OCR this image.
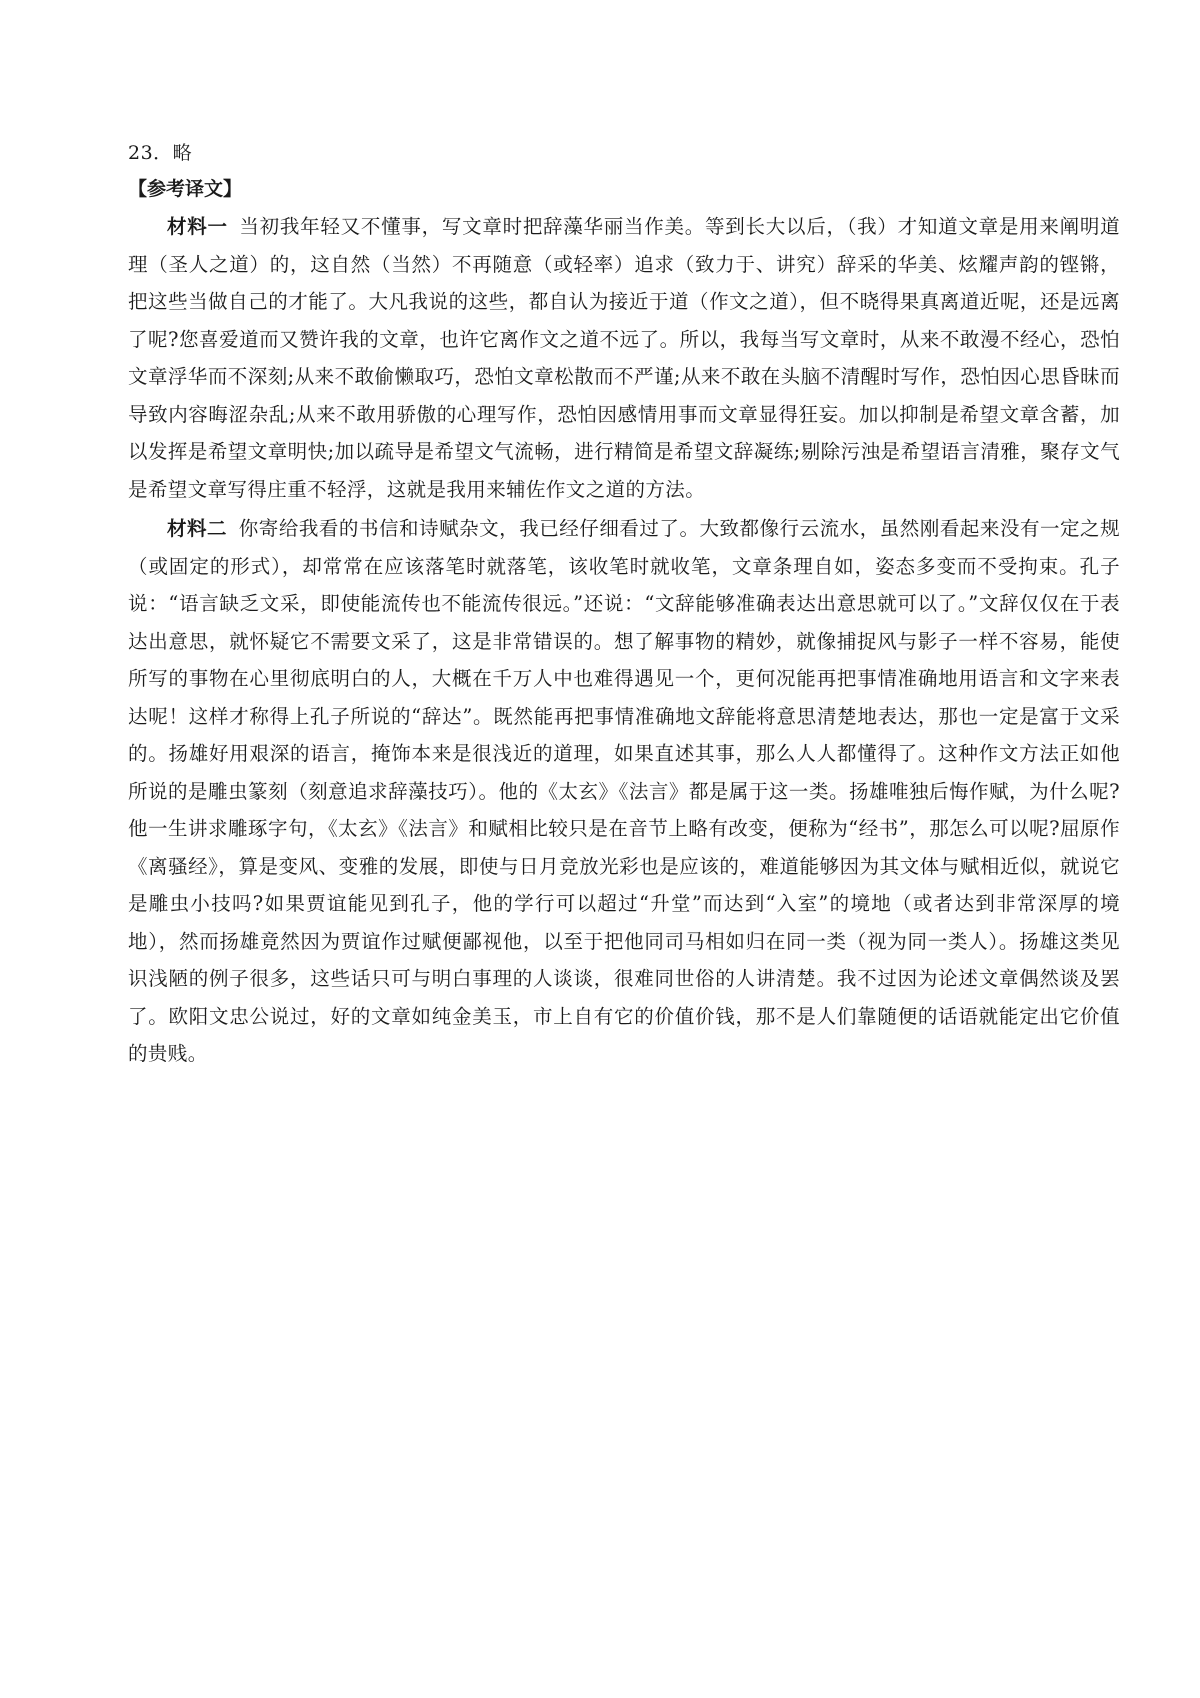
23．略
【参考译文】

材料一 当初我年轻又不懂事，写文章时把辞藻华丽当作美。等到长大以后，（我）才知道文章是用来阐明道理（圣人之道）的，这自然（当然）不再随意（或轻率）追求（致力于、讲究）辞采的华美、炫耀声韵的铿锵，把这些当做自己的才能了。大凡我说的这些，都自认为接近于道（作文之道），但不晓得果真离道近呢，还是远离了呢?您喜爱道而又赞许我的文章，也许它离作文之道不远了。所以，我每当写文章时，从来不敢漫不经心，恐怕文章浮华而不深刻;从来不敢偷懒取巧，恐怕文章松散而不严谨;从来不敢在头脑不清醒时写作，恐怕因心思昏昧而导致内容晦涩杂乱;从来不敢用骄傲的心理写作，恐怕因感情用事而文章显得狂妄。加以抑制是希望文章含蓄，加以发挥是希望文章明快;加以疏导是希望文气流畅，进行精简是希望文辞凝练;剔除污浊是希望语言清雅，聚存文气是希望文章写得庄重不轻浮，这就是我用来辅佐作文之道的方法。

材料二 你寄给我看的书信和诗赋杂文，我已经仔细看过了。大致都像行云流水，虽然刚看起来没有一定之规（或固定的形式），却常常在应该落笔时就落笔，该收笔时就收笔，文章条理自如，姿态多变而不受拘束。孔子说：“语言缺乏文采，即使能流传也不能流传很远。”还说：“文辞能够准确表达出意思就可以了。”文辞仅仅在于表达出意思，就怀疑它不需要文采了，这是非常错误的。想了解事物的精妙，就像捕捉风与影子一样不容易，能使所写的事物在心里彻底明白的人，大概在千万人中也难得遇见一个，更何况能再把事情准确地用语言和文字来表达呢！这样才称得上孔子所说的“辞达”。既然能再把事情准确地文辞能将意思清楚地表达，那也一定是富于文采的。扬雄好用艰深的语言，掩饰本来是很浅近的道理，如果直述其事，那么人人都懂得了。这种作文方法正如他所说的是雕虫篆刻（刻意追求辞藻技巧）。他的《太玄》《法言》都是属于这一类。扬雄唯独后悔作赋，为什么呢?他一生讲求雕琢字句，《太玄》《法言》和赋相比较只是在音节上略有改变，便称为“经书”，那怎么可以呢?屈原作《离骚经》，算是变风、变雅的发展，即使与日月竞放光彩也是应该的，难道能够因为其文体与赋相近似，就说它是雕虫小技吗?如果贾谊能见到孔子，他的学行可以超过“升堂”而达到“入室”的境地（或者达到非常深厚的境地），然而扬雄竟然因为贾谊作过赋便鄙视他，以至于把他同司马相如归在同一类（视为同一类人）。扬雄这类见识浅陋的例子很多，这些话只可与明白事理的人谈谈，很难同世俗的人讲清楚。我不过因为论述文章偶然谈及罢了。欧阳文忠公说过，好的文章如纯金美玉，市上自有它的价值价钱，那不是人们靠随便的话语就能定出它价值的贵贱。
